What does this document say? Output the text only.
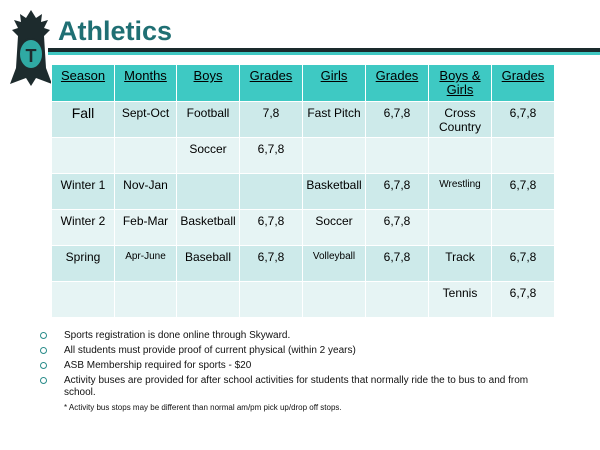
T
Athletics
Season	Months	Boys	Grades	Girls	Grades	Boys & Girls	Grades
Fall	Sept-Oct	Football	7,8	Fast Pitch	6,7,8	Cross Country	6,7,8
		Soccer	6,7,8				
Winter 1	Nov-Jan			Basketball	6,7,8	Wrestling	6,7,8
Winter 2	Feb-Mar	Basketball	6,7,8	Soccer	6,7,8		
Spring	Apr-June	Baseball	6,7,8	Volleyball	6,7,8	Track	6,7,8
						Tennis	6,7,8
Sports registration is done online through Skyward.
All students must provide proof of current physical (within 2 years)
ASB Membership required for sports - $20
Activity buses are provided for after school activities for students that normally ride the to bus to and from school.
* Activity bus stops may be different than normal am/pm pick up/drop off stops.
